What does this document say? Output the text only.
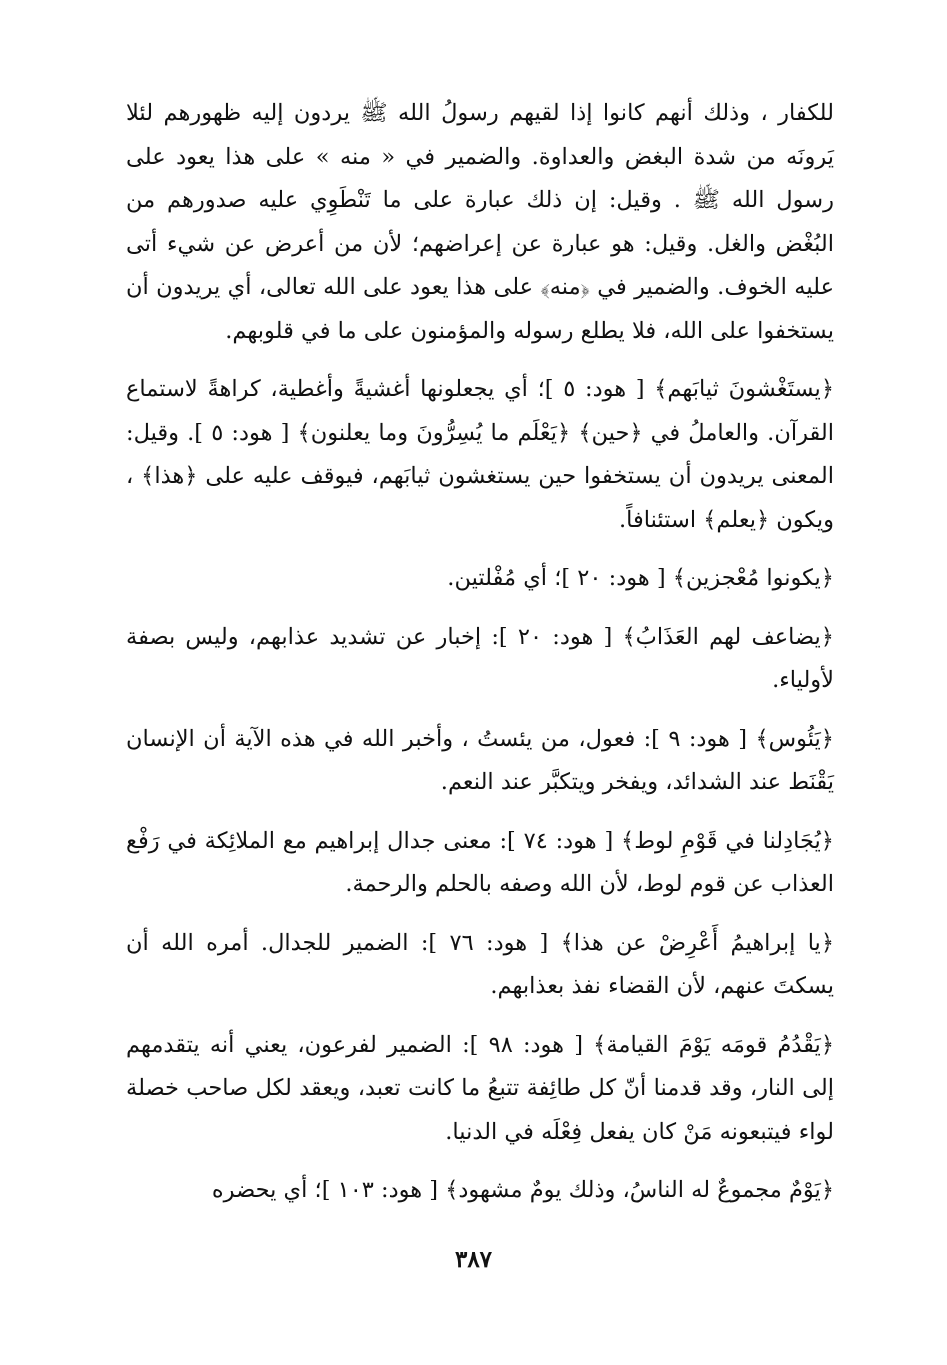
للكفار ، وذلك أنهم كانوا إذا لقيهم رسولُ الله ﷺ يردون إليه ظهورهم لئلا يَرونَه من شدة البغض والعداوة. والضمير في « منه » على هذا يعود على رسول الله ﷺ . وقيل: إن ذلك عبارة على ما تَنْطَوِي عليه صدورهم من البُغْض والغل. وقيل: هو عبارة عن إعراضهم؛ لأن من أعرض عن شيء أتى عليه الخوف. والضمير في ﴿منه﴾ على هذا يعود على الله تعالى، أي يريدون أن يستخفوا على الله، فلا يطلع رسوله والمؤمنون على ما في قلوبهم.

﴿يستَغْشونَ ثيابَهم﴾ [ هود: ٥ ]؛ أي يجعلونها أغشيةً وأغطية، كراهةً لاستماع القرآن. والعاملُ في ﴿حين﴾ ﴿يَعْلَم ما يُسِرُّونَ وما يعلنون﴾ [ هود: ٥ ]. وقيل: المعنى يريدون أن يستخفوا حين يستغشون ثيابَهم، فيوقف عليه على ﴿هذا﴾ ، ويكون ﴿يعلم﴾ استئنافاً.

﴿يكونوا مُعْجزين﴾ [ هود: ٢٠ ]؛ أي مُفْلتين.

﴿يضاعف لهم العَذَابُ﴾ [ هود: ٢٠ ]: إخبار عن تشديد عذابهم، وليس بصفة لأولياء.

﴿يَئُوس﴾ [ هود: ٩ ]: فعول، من يئستُ ، وأخبر الله في هذه الآية أن الإنسان يَقْنَط عند الشدائد، ويفخر ويتكبَّر عند النعم.

﴿يُجَادِلنا في قَوْمِ لوط﴾ [ هود: ٧٤ ]: معنى جدال إبراهيم مع الملائِكة في رَفْع العذاب عن قوم لوط، لأن الله وصفه بالحلم والرحمة.

﴿يا إبراهيمُ أَعْرِضْ عن هذا﴾ [ هود: ٧٦ ]: الضمير للجدال. أمره الله أن يسكتَ عنهم، لأن القضاء نفذ بعذابهم.

﴿يَقْدُمُ قومَه يَوْمَ القيامة﴾ [ هود: ٩٨ ]: الضمير لفرعون، يعني أنه يتقدمهم إلى النار، وقد قدمنا أنّ كل طائِفة تتبعُ ما كانت تعبد، ويعقد لكل صاحب خصلة لواء فيتبعونه مَنْ كان يفعل فِعْلَه في الدنيا.

﴿يَوْمٌ مجموعٌ له الناسُ، وذلك يومٌ مشهود﴾ [ هود: ١٠٣ ]؛ أي يحضره

٣٨٧
